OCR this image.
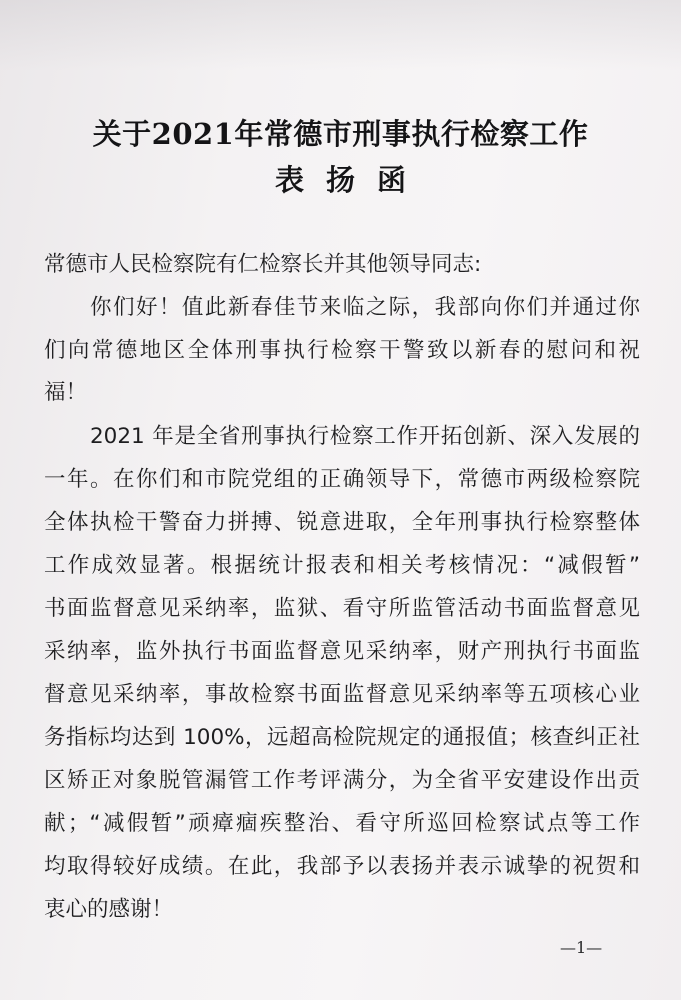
关于2021年常德市刑事执行检察工作
表扬函
常德市人民检察院有仁检察长并其他领导同志:
你们好！值此新春佳节来临之际，我部向你们并通过你
们向常德地区全体刑事执行检察干警致以新春的慰问和祝
福！
2021 年是全省刑事执行检察工作开拓创新、深入发展的
一年。在你们和市院党组的正确领导下，常德市两级检察院
全体执检干警奋力拼搏、锐意进取，全年刑事执行检察整体
工作成效显著。根据统计报表和相关考核情况：“减假暂”
书面监督意见采纳率，监狱、看守所监管活动书面监督意见
采纳率，监外执行书面监督意见采纳率，财产刑执行书面监
督意见采纳率，事故检察书面监督意见采纳率等五项核心业
务指标均达到 100%，远超高检院规定的通报值；核查纠正社
区矫正对象脱管漏管工作考评满分，为全省平安建设作出贡
献；“减假暂”顽瘴痼疾整治、看守所巡回检察试点等工作
均取得较好成绩。在此，我部予以表扬并表示诚挚的祝贺和
衷心的感谢！
—1—
